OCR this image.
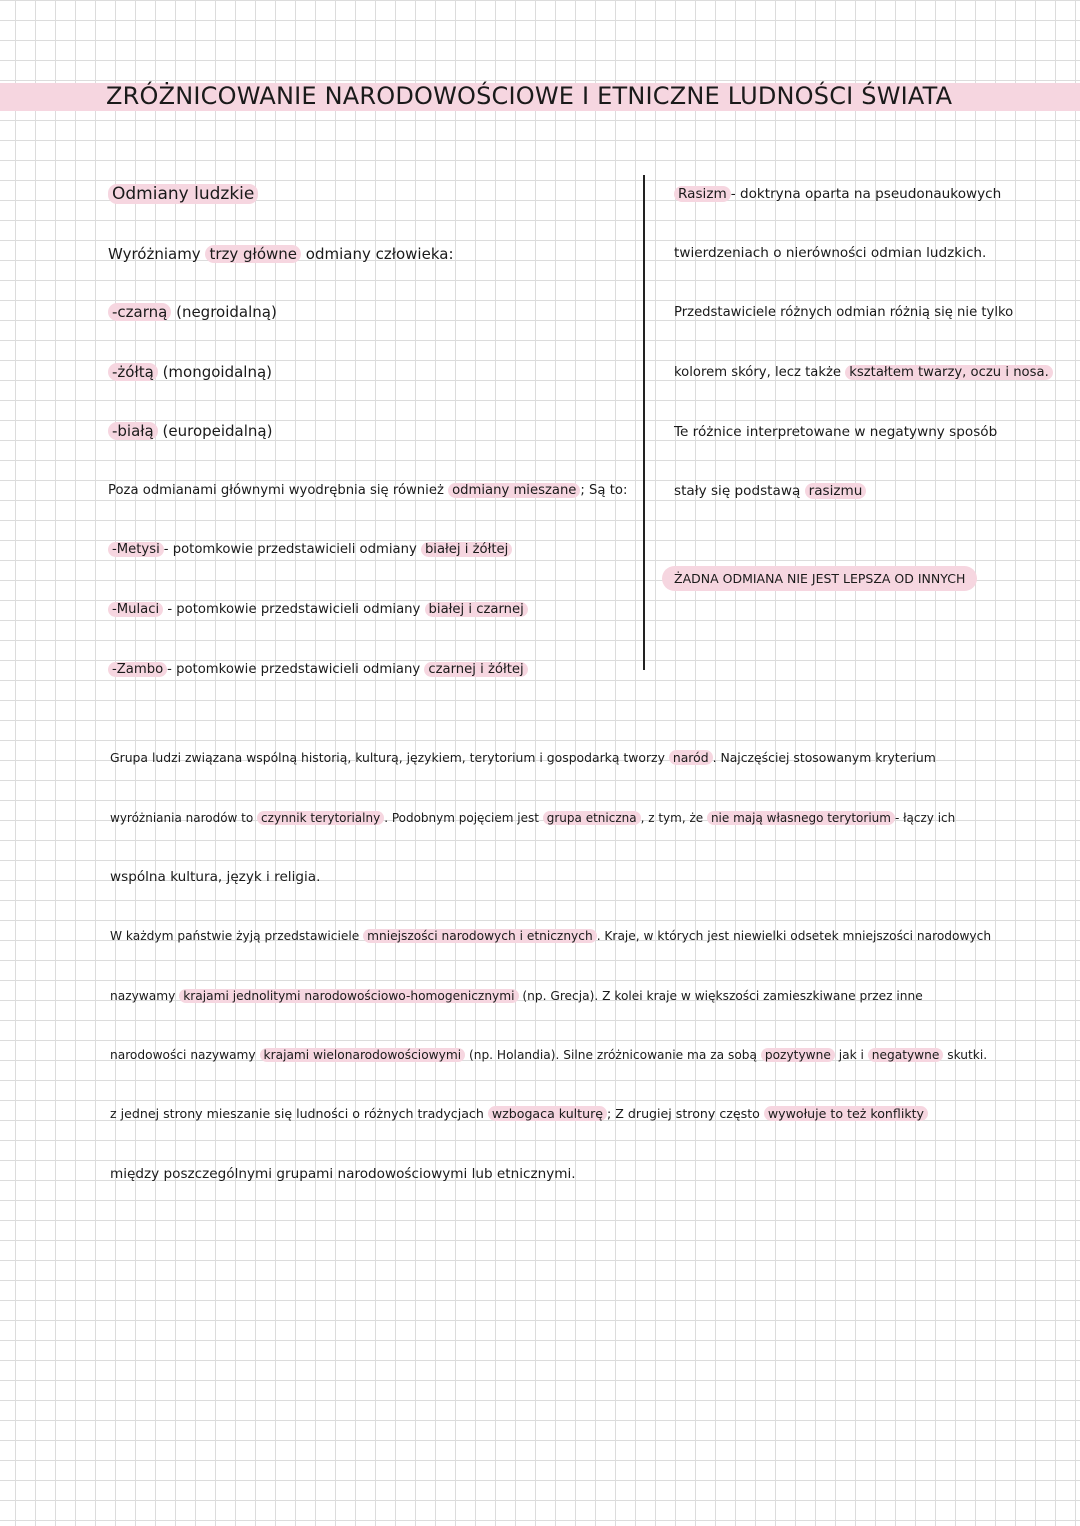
ZRÓŻNICOWANIE NARODOWOŚCIOWE I ETNICZNE LUDNOŚCI ŚWIATA
Odmiany ludzkie
Wyróżniamy trzy główne odmiany człowieka:
-czarną (negroidalną)
-żółtą (mongoidalną)
-białą (europeidalną)
Poza odmianami głównymi wyodrębnia się również odmiany mieszane ; Są to:
-Metysi - potomkowie przedstawicieli odmiany białej i żółtej
-Mulaci - potomkowie przedstawicieli odmiany białej i czarnej
-Zambo - potomkowie przedstawicieli odmiany czarnej i żółtej
Rasizm - doktryna oparta na pseudonaukowych
twierdzeniach o nierówności odmian ludzkich.
Przedstawiciele różnych odmian różnią się nie tylko
kolorem skóry, lecz także kształtem twarzy, oczu i nosa.
Te różnice interpretowane w negatywny sposób
stały się podstawą rasizmu
ŻADNA ODMIANA NIE JEST LEPSZA OD INNYCH
Grupa ludzi związana wspólną historią, kulturą, językiem, terytorium i gospodarką tworzy naród . Najczęściej stosowanym kryterium
wyróżniania narodów to czynnik terytorialny . Podobnym pojęciem jest grupa etniczna , z tym, że nie mają własnego terytorium - łączy ich
wspólna kultura, język i religia.
W każdym państwie żyją przedstawiciele mniejszości narodowych i etnicznych . Kraje, w których jest niewielki odsetek mniejszości narodowych
nazywamy krajami jednolitymi narodowościowo-homogenicznymi (np. Grecja). Z kolei kraje w większości zamieszkiwane przez inne
narodowości nazywamy krajami wielonarodowościowymi (np. Holandia). Silne zróżnicowanie ma za sobą pozytywne jak i negatywne skutki.
z jednej strony mieszanie się ludności o różnych tradycjach wzbogaca kulturę ; Z drugiej strony często wywołuje to też konflikty
między poszczególnymi grupami narodowościowymi lub etnicznymi.
